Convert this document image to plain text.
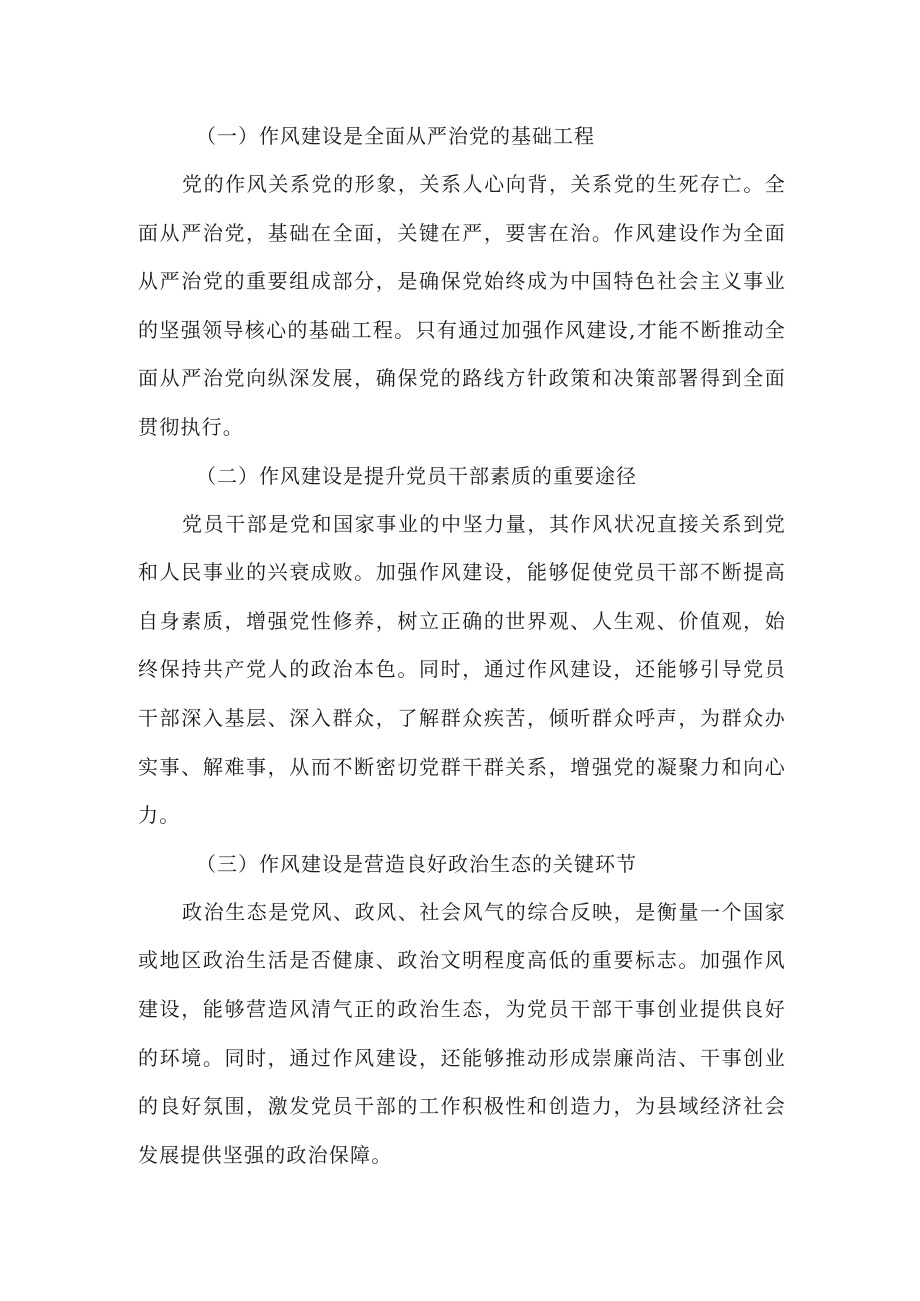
（一）作风建设是全面从严治党的基础工程

党的作风关系党的形象，关系人心向背，关系党的生死存亡。全面从严治党，基础在全面，关键在严，要害在治。作风建设作为全面从严治党的重要组成部分，是确保党始终成为中国特色社会主义事业的坚强领导核心的基础工程。只有通过加强作风建设,才能不断推动全面从严治党向纵深发展，确保党的路线方针政策和决策部署得到全面贯彻执行。

（二）作风建设是提升党员干部素质的重要途径

党员干部是党和国家事业的中坚力量，其作风状况直接关系到党和人民事业的兴衰成败。加强作风建设，能够促使党员干部不断提高自身素质，增强党性修养，树立正确的世界观、人生观、价值观，始终保持共产党人的政治本色。同时，通过作风建设，还能够引导党员干部深入基层、深入群众，了解群众疾苦，倾听群众呼声，为群众办实事、解难事，从而不断密切党群干群关系，增强党的凝聚力和向心力。

（三）作风建设是营造良好政治生态的关键环节

政治生态是党风、政风、社会风气的综合反映，是衡量一个国家或地区政治生活是否健康、政治文明程度高低的重要标志。加强作风建设，能够营造风清气正的政治生态，为党员干部干事创业提供良好的环境。同时，通过作风建设，还能够推动形成崇廉尚洁、干事创业的良好氛围，激发党员干部的工作积极性和创造力，为县域经济社会发展提供坚强的政治保障。
